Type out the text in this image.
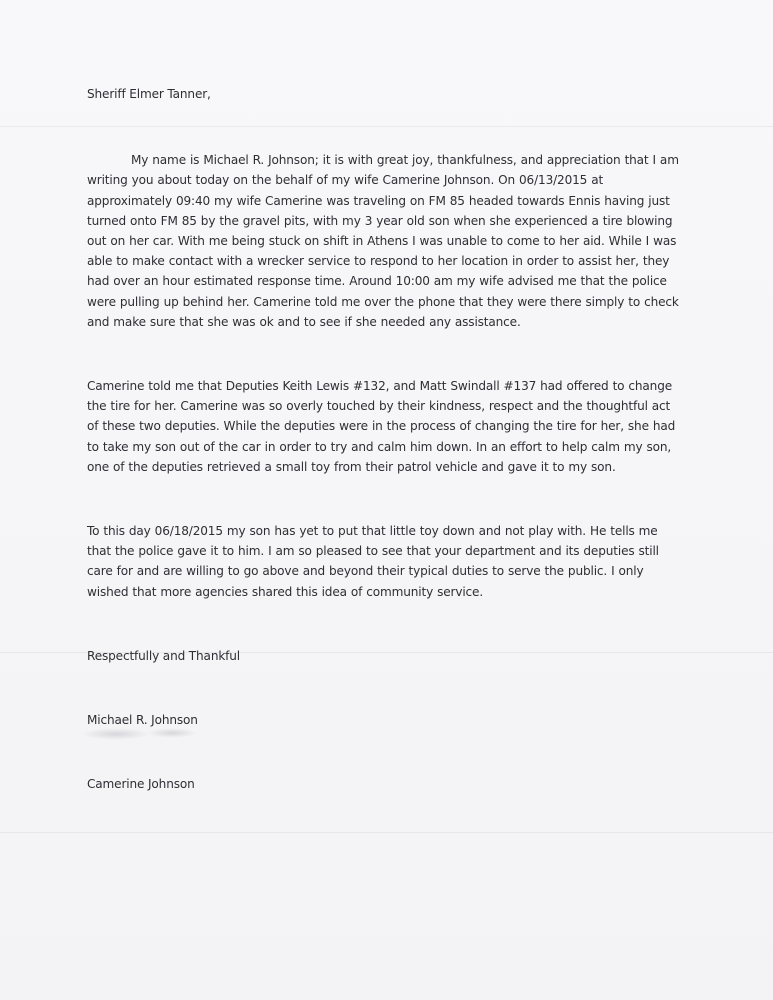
Sheriff Elmer Tanner,

My name is Michael R. Johnson; it is with great joy, thankfulness, and appreciation that I am writing you about today on the behalf of my wife Camerine Johnson. On 06/13/2015 at approximately 09:40 my wife Camerine was traveling on FM 85 headed towards Ennis having just turned onto FM 85 by the gravel pits, with my 3 year old son when she experienced a tire blowing out on her car. With me being stuck on shift in Athens I was unable to come to her aid. While I was able to make contact with a wrecker service to respond to her location in order to assist her, they had over an hour estimated response time. Around 10:00 am my wife advised me that the police were pulling up behind her. Camerine told me over the phone that they were there simply to check and make sure that she was ok and to see if she needed any assistance.

Camerine told me that Deputies Keith Lewis #132, and Matt Swindall #137 had offered to change the tire for her. Camerine was so overly touched by their kindness, respect and the thoughtful act of these two deputies. While the deputies were in the process of changing the tire for her, she had to take my son out of the car in order to try and calm him down. In an effort to help calm my son, one of the deputies retrieved a small toy from their patrol vehicle and gave it to my son.

To this day 06/18/2015 my son has yet to put that little toy down and not play with. He tells me that the police gave it to him. I am so pleased to see that your department and its deputies still care for and are willing to go above and beyond their typical duties to serve the public. I only wished that more agencies shared this idea of community service.

Respectfully and Thankful

Michael R. Johnson

Camerine Johnson
